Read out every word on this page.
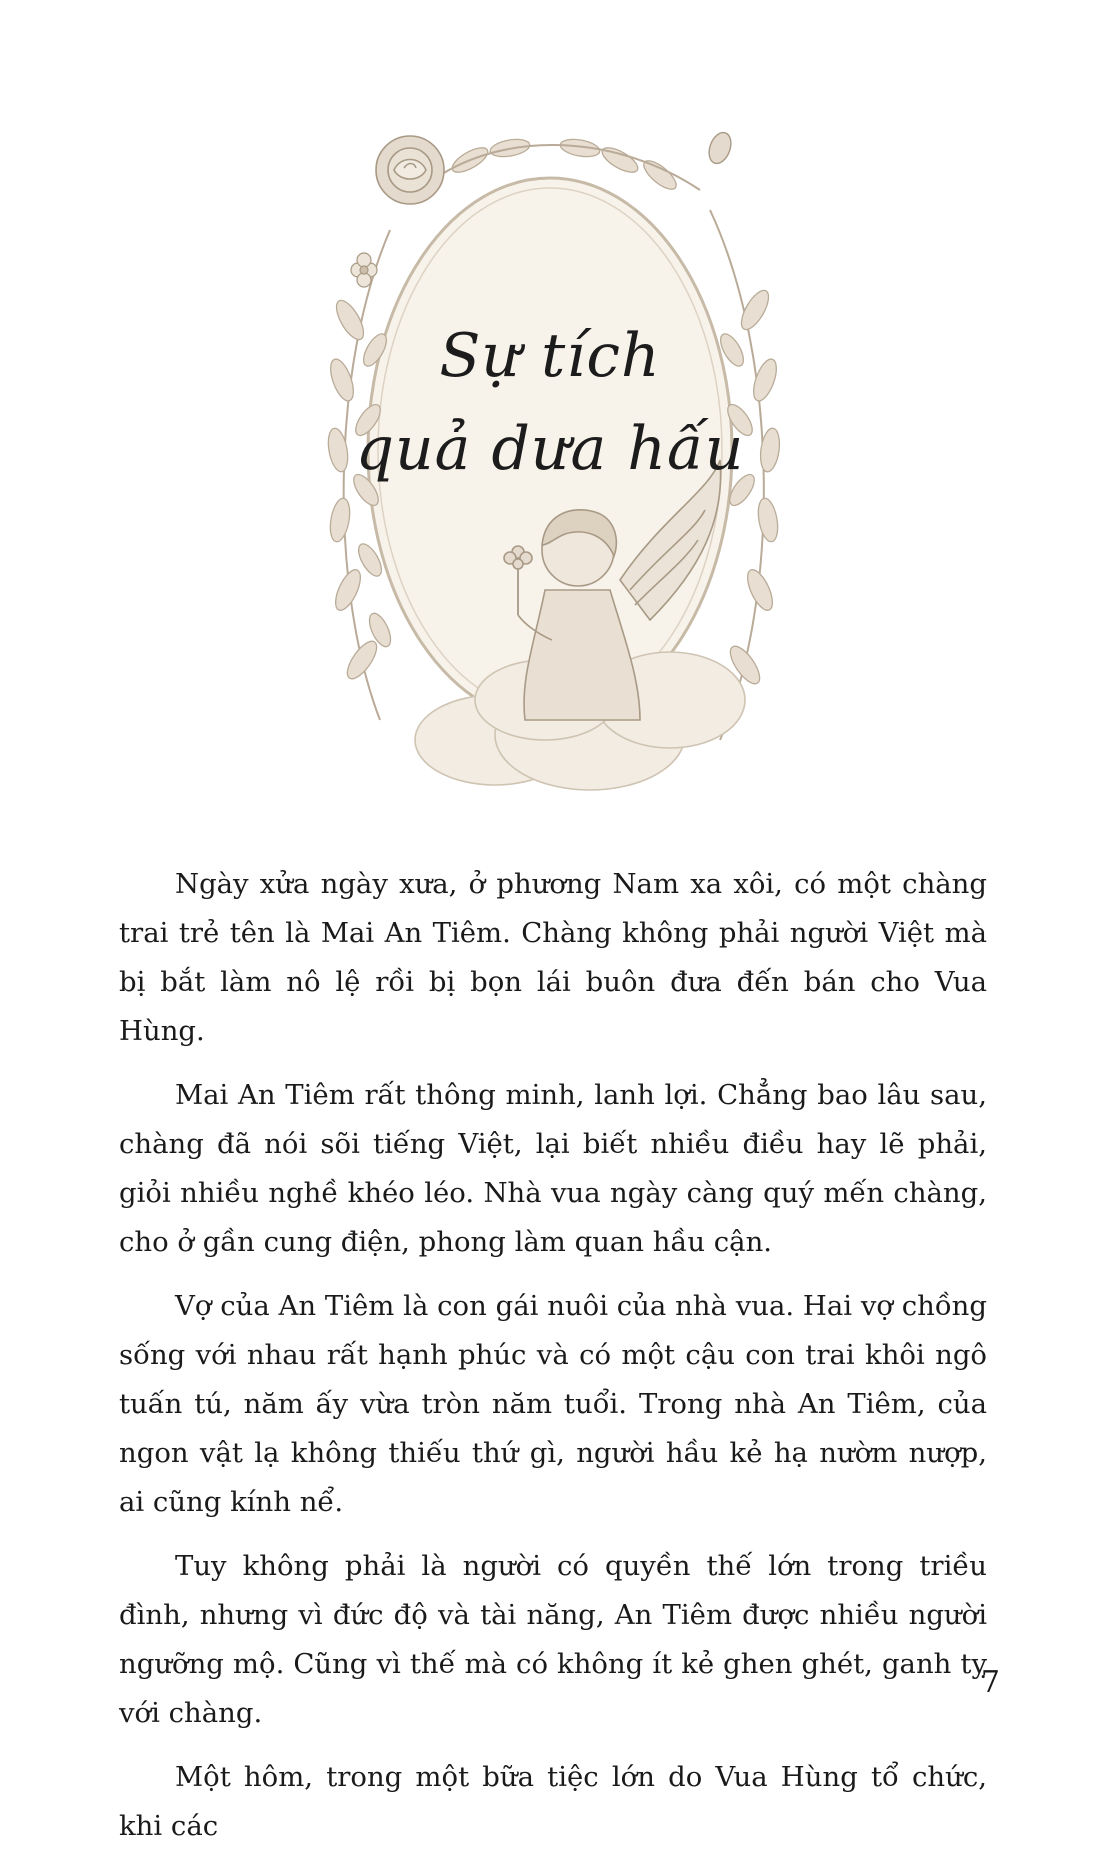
Sự tích
quả dưa hấu

Ngày xửa ngày xưa, ở phương Nam xa xôi, có một chàng trai trẻ tên là Mai An Tiêm. Chàng không phải người Việt mà bị bắt làm nô lệ rồi bị bọn lái buôn đưa đến bán cho Vua Hùng.

Mai An Tiêm rất thông minh, lanh lợi. Chẳng bao lâu sau, chàng đã nói sõi tiếng Việt, lại biết nhiều điều hay lẽ phải, giỏi nhiều nghề khéo léo. Nhà vua ngày càng quý mến chàng, cho ở gần cung điện, phong làm quan hầu cận.

Vợ của An Tiêm là con gái nuôi của nhà vua. Hai vợ chồng sống với nhau rất hạnh phúc và có một cậu con trai khôi ngô tuấn tú, năm ấy vừa tròn năm tuổi. Trong nhà An Tiêm, của ngon vật lạ không thiếu thứ gì, người hầu kẻ hạ nườm nượp, ai cũng kính nể.

Tuy không phải là người có quyền thế lớn trong triều đình, nhưng vì đức độ và tài năng, An Tiêm được nhiều người ngưỡng mộ. Cũng vì thế mà có không ít kẻ ghen ghét, ganh tỵ với chàng.

Một hôm, trong một bữa tiệc lớn do Vua Hùng tổ chức, khi các

7
